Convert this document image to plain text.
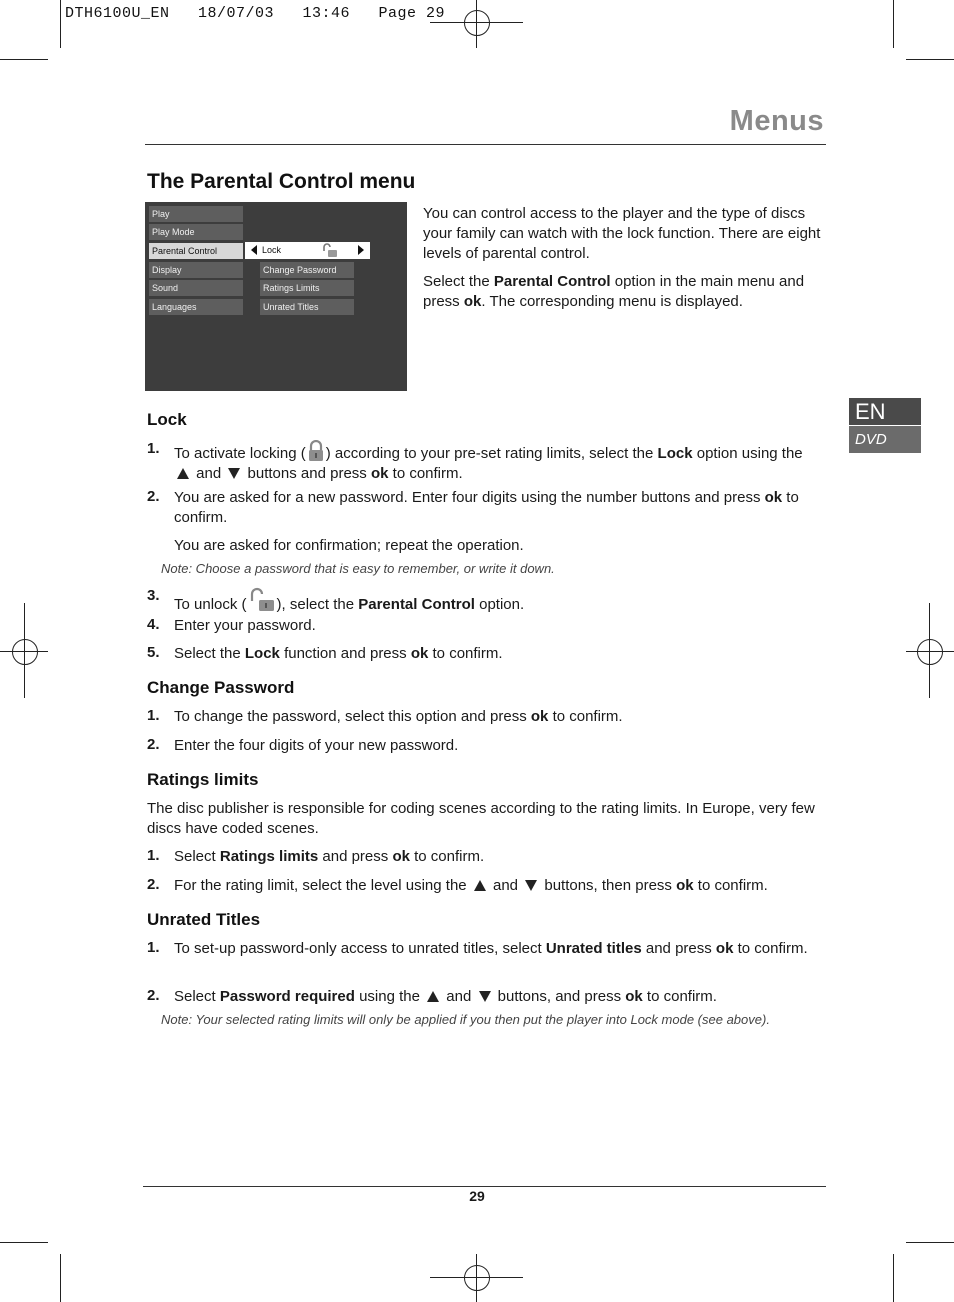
DTH6100U_EN   18/07/03   13:46   Page 29
Menus
The Parental Control menu
Play
Play Mode
Parental Control
Display
Sound
Languages
Lock
Change Password
Ratings Limits
Unrated Titles
You can control access to the player and the type of discs your family can watch with the lock function. There are eight levels of parental control.
Select the Parental Control option in the main menu and press ok. The corresponding menu is displayed.
EN
DVD
Lock
1. To activate locking ( ) according to your pre-set rating limits, select the Lock option using the  and  buttons and press ok to confirm.
2. You are asked for a new password. Enter four digits using the number buttons and press ok to confirm.
You are asked for confirmation; repeat the operation.
Note: Choose a password that is easy to remember, or write it down.
3.
To unlock ( ), select the Parental Control option.
4. Enter your password.
5. Select the Lock function and press ok to confirm.
Change Password
1. To change the password, select this option and press ok to confirm.
2. Enter the four digits of your new password.
Ratings limits
The disc publisher is responsible for coding scenes according to the rating limits. In Europe, very few discs have coded scenes.
1. Select Ratings limits and press ok to confirm.
2. For the rating limit, select the level using the  and  buttons, then press ok to confirm.
Unrated Titles
1. To set-up password-only access to unrated titles, select Unrated titles and press ok to confirm.
2. Select Password required using the  and  buttons, and press ok to confirm.
Note: Your selected rating limits will only be applied if you then put the player into Lock mode (see above).
29
